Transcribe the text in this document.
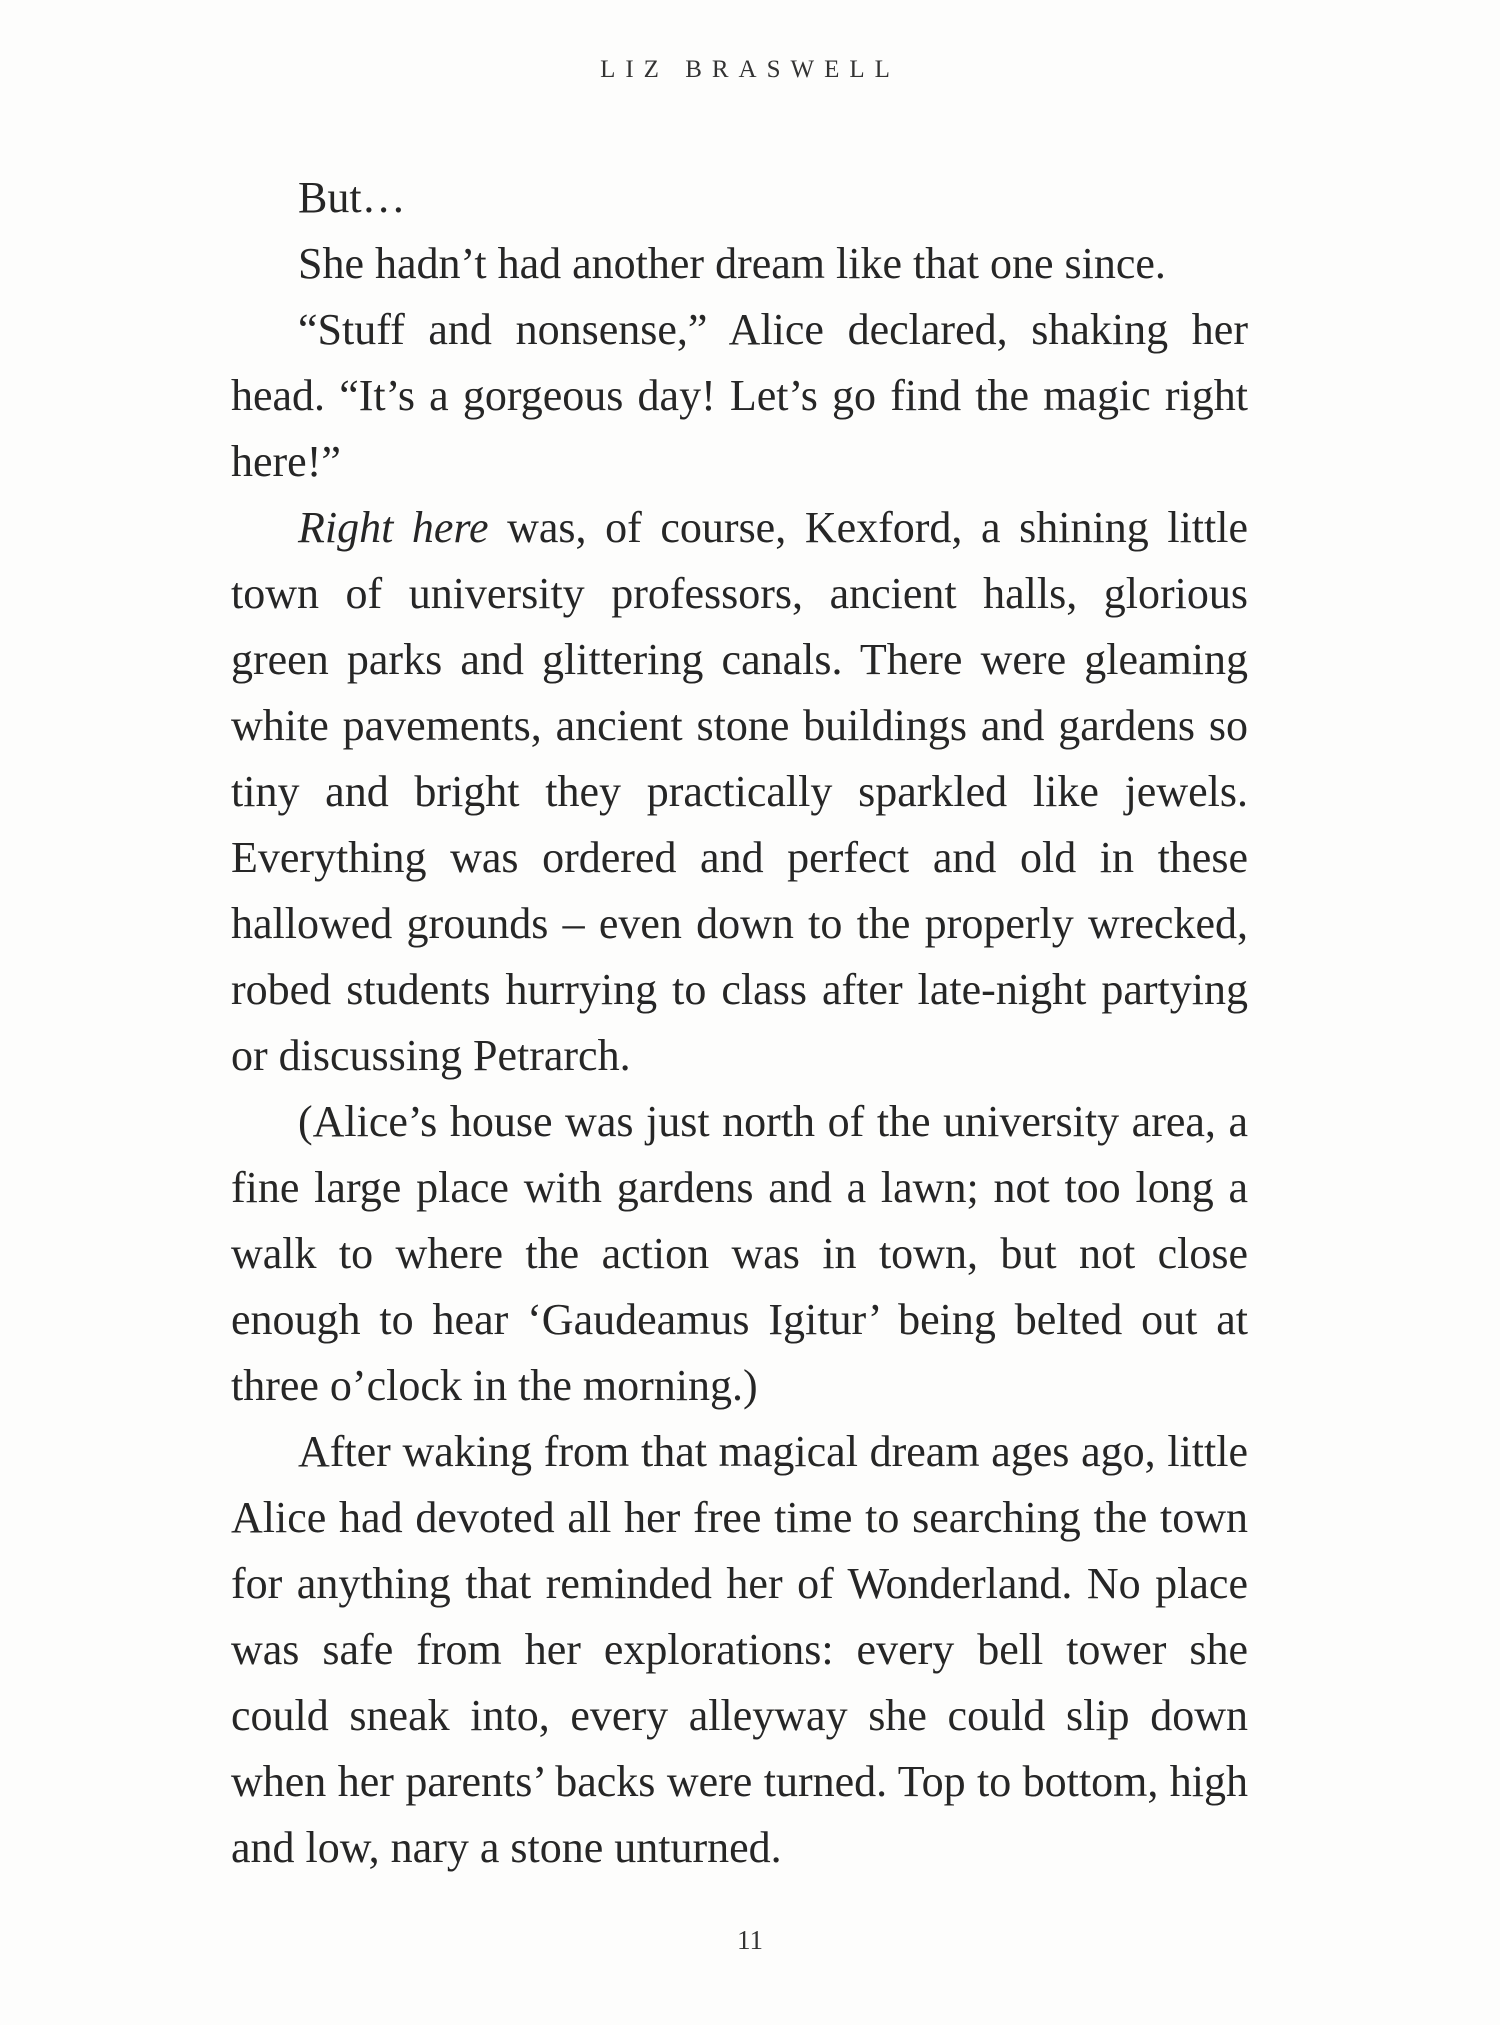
LIZ BRASWELL

But…

She hadn’t had another dream like that one since.

“Stuff and nonsense,” Alice declared, shaking her head. “It’s a gorgeous day! Let’s go find the magic right here!”

Right here was, of course, Kexford, a shining little town of university professors, ancient halls, glorious green parks and glittering canals. There were gleaming white pavements, ancient stone buildings and gardens so tiny and bright they practically sparkled like jewels. Everything was ordered and perfect and old in these hallowed grounds – even down to the properly wrecked, robed students hurrying to class after late-night partying or discussing Petrarch.

(Alice’s house was just north of the university area, a fine large place with gardens and a lawn; not too long a walk to where the action was in town, but not close enough to hear ‘Gaudeamus Igitur’ being belted out at three o’clock in the morning.)

After waking from that magical dream ages ago, little Alice had devoted all her free time to searching the town for anything that reminded her of Wonderland. No place was safe from her explorations: every bell tower she could sneak into, every alleyway she could slip down when her parents’ backs were turned. Top to bottom, high and low, nary a stone unturned.

11
